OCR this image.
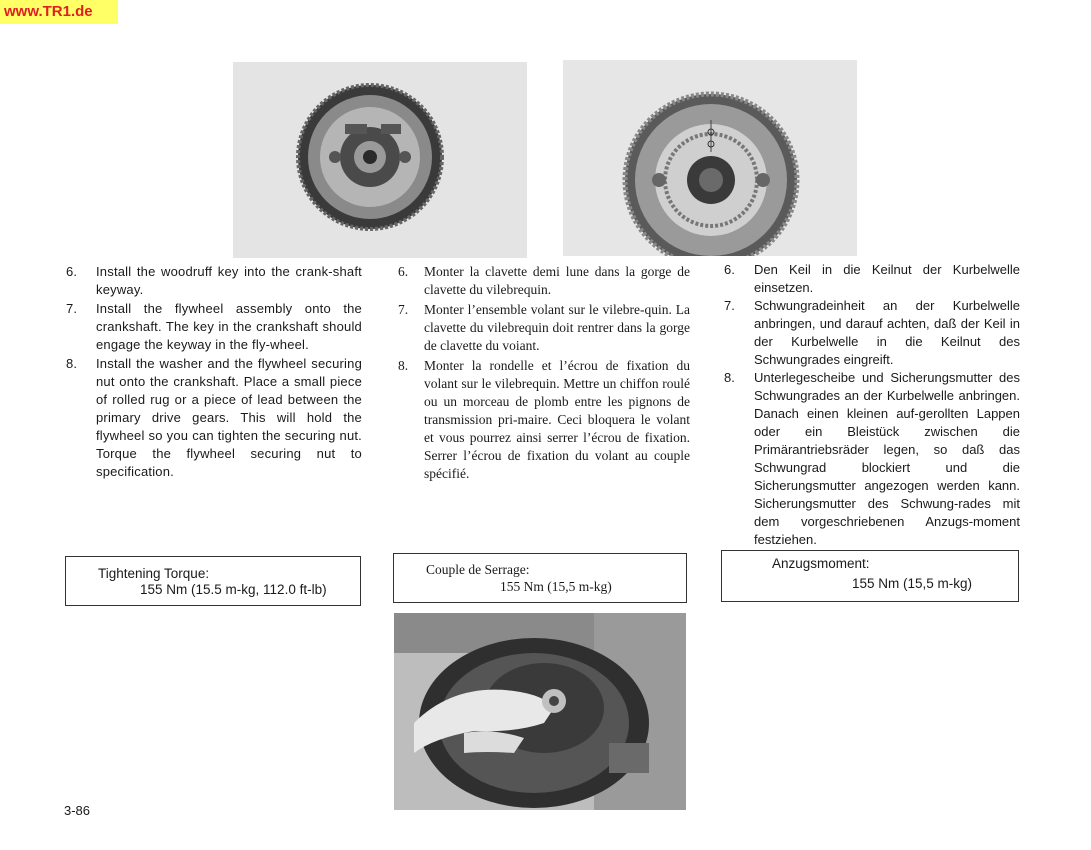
www.TR1.de
6.	Install the woodruff key into the crank-shaft keyway.
7.	Install the flywheel assembly onto the crankshaft. The key in the crankshaft should engage the keyway in the fly-wheel.
8.	Install the washer and the flywheel securing nut onto the crankshaft. Place a small piece of rolled rug or a piece of lead between the primary drive gears. This will hold the flywheel so you can tighten the securing nut. Torque the flywheel securing nut to specification.
6.	Monter la clavette demi lune dans la gorge de clavette du vilebrequin.
7.	Monter l’ensemble volant sur le vilebre-quin. La clavette du vilebrequin doit rentrer dans la gorge de clavette du voiant.
8.	Monter la rondelle et l’écrou de fixation du volant sur le vilebrequin. Mettre un chiffon roulé ou un morceau de plomb entre les pignons de transmission pri-maire. Ceci bloquera le volant et vous pourrez ainsi serrer l’écrou de fixation. Serrer l’écrou de fixation du volant au couple spécifié.
6.	Den Keil in die Keilnut der Kurbelwelle einsetzen.
7.	Schwungradeinheit an der Kurbelwelle anbringen, und darauf achten, daß der Keil in der Kurbelwelle in die Keilnut des Schwungrades eingreift.
8.	Unterlegescheibe und Sicherungsmutter des Schwungrades an der Kurbelwelle anbringen. Danach einen kleinen auf-gerollten Lappen oder ein Bleistück zwischen die Primärantriebsräder legen, so daß das Schwungrad blockiert und die Sicherungsmutter angezogen werden kann. Sicherungsmutter des Schwung-rades mit dem vorgeschriebenen Anzugs-moment festziehen.
Tightening Torque:
155 Nm (15.5 m-kg, 112.0 ft-lb)
Couple de Serrage:
155 Nm (15,5 m-kg)
Anzugsmoment:
155 Nm (15,5 m-kg)
3-86
